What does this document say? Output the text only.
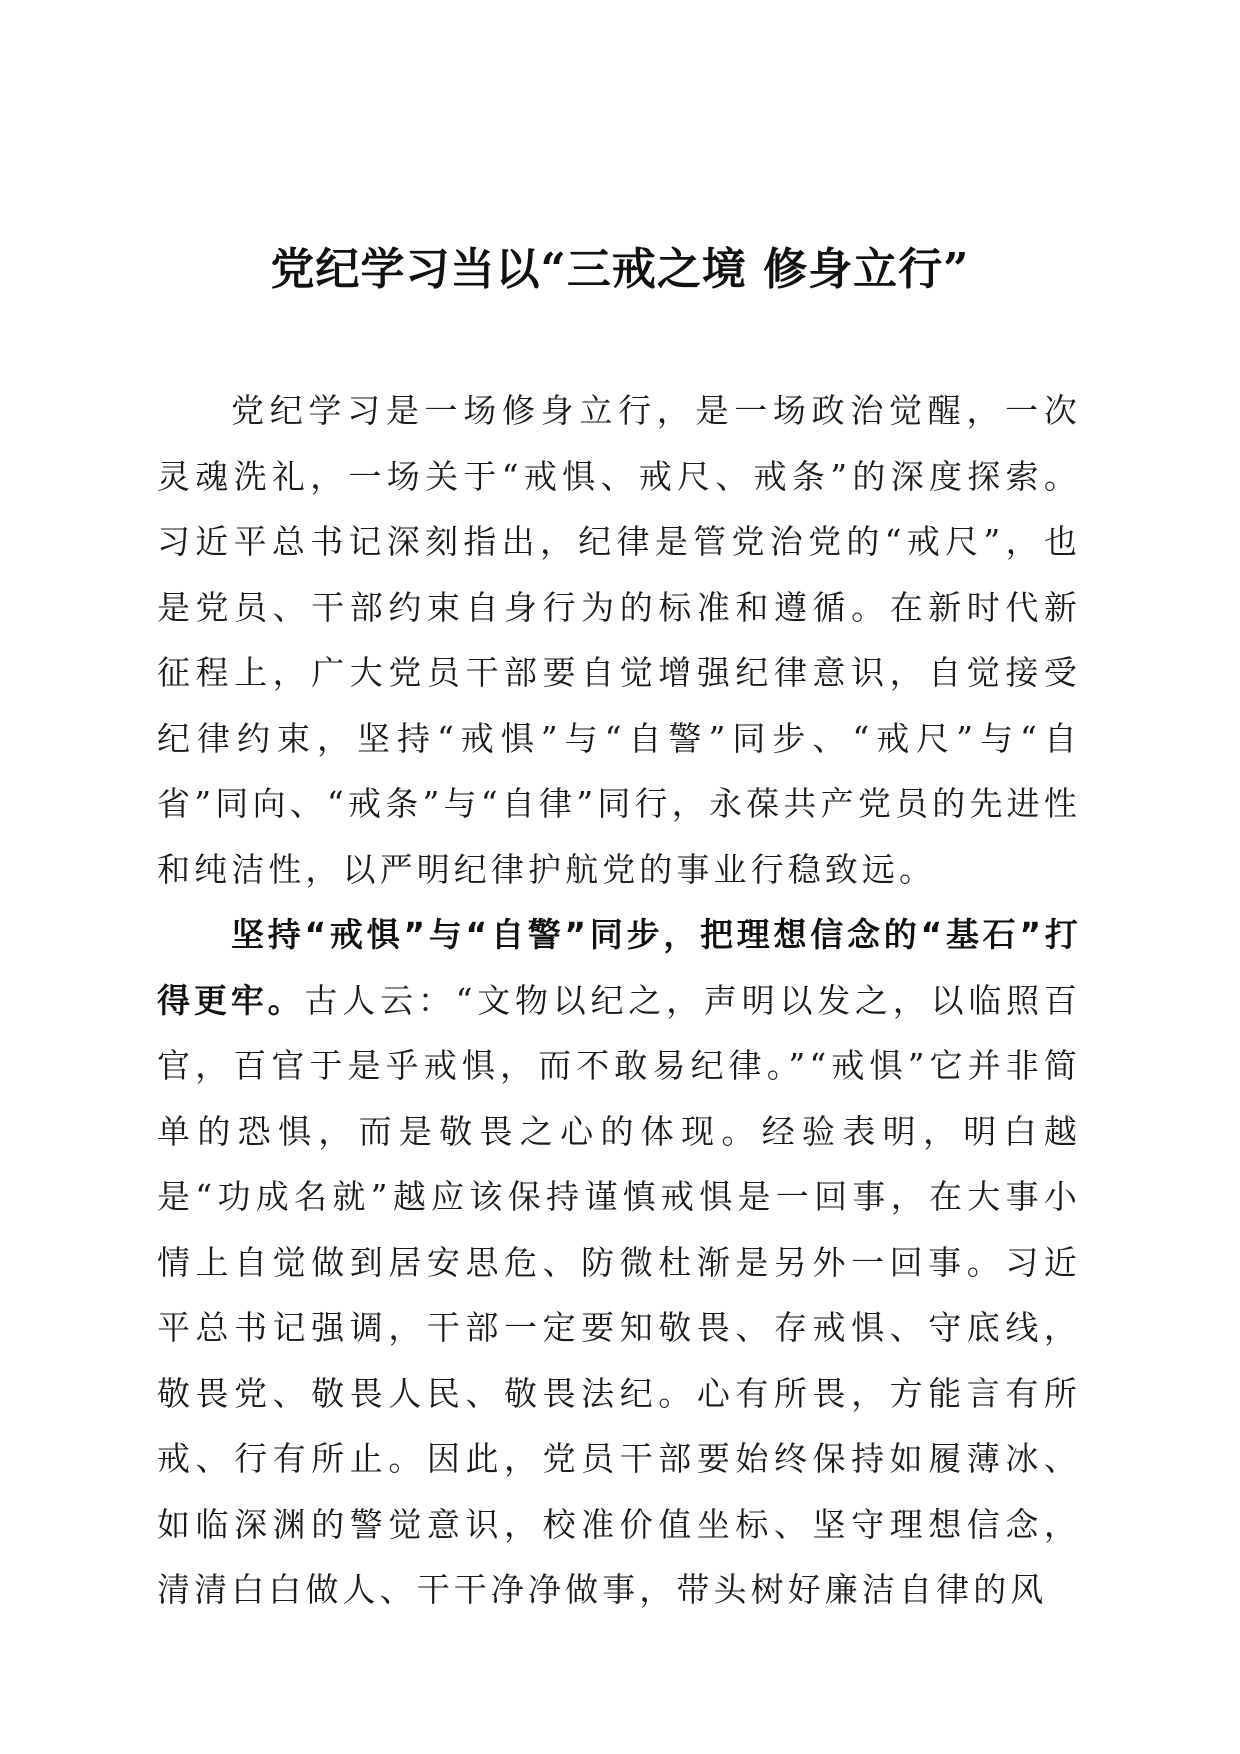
党纪学习当以“三戒之境 修身立行”

党纪学习是一场修身立行，是一场政治觉醒，一次灵魂洗礼，一场关于“戒惧、戒尺、戒条”的深度探索。习近平总书记深刻指出，纪律是管党治党的“戒尺”，也是党员、干部约束自身行为的标准和遵循。在新时代新征程上，广大党员干部要自觉增强纪律意识，自觉接受纪律约束，坚持“戒惧”与“自警”同步、“戒尺”与“自省”同向、“戒条”与“自律”同行，永葆共产党员的先进性和纯洁性，以严明纪律护航党的事业行稳致远。

坚持“戒惧”与“自警”同步，把理想信念的“基石”打得更牢。古人云：“文物以纪之，声明以发之，以临照百官，百官于是乎戒惧，而不敢易纪律。”“戒惧”它并非简单的恐惧，而是敬畏之心的体现。经验表明，明白越是“功成名就”越应该保持谨慎戒惧是一回事，在大事小情上自觉做到居安思危、防微杜渐是另外一回事。习近平总书记强调，干部一定要知敬畏、存戒惧、守底线，敬畏党、敬畏人民、敬畏法纪。心有所畏，方能言有所戒、行有所止。因此，党员干部要始终保持如履薄冰、如临深渊的警觉意识，校准价值坐标、坚守理想信念，清清白白做人、干干净净做事，带头树好廉洁自律的风
